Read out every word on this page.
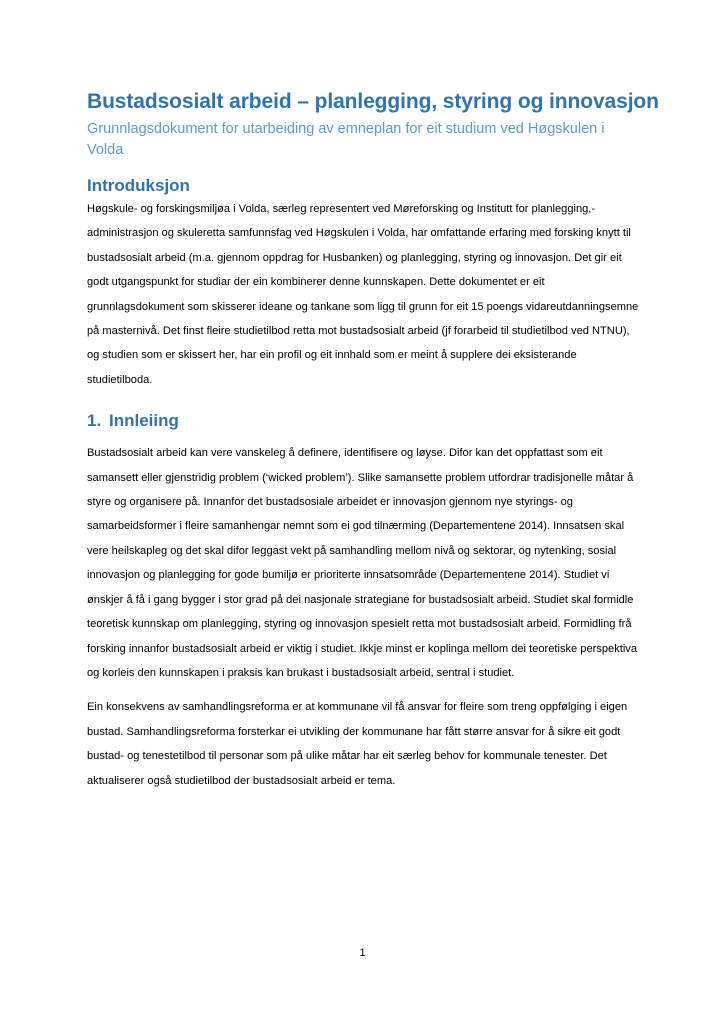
Bustadsosialt arbeid – planlegging, styring og innovasjon
Grunnlagsdokument for utarbeiding av emneplan for eit studium ved Høgskulen i Volda
Introduksjon

Høgskule- og forskingsmiljøa i Volda, særleg representert ved Møreforsking og Institutt for planlegging,- administrasjon og skuleretta samfunnsfag ved Høgskulen i Volda, har omfattande erfaring med forsking knytt til bustadsosialt arbeid (m.a. gjennom oppdrag for Husbanken) og planlegging, styring og innovasjon. Det gir eit godt utgangspunkt for studiar der ein kombinerer denne kunnskapen. Dette dokumentet er eit grunnlagsdokument som skisserer ideane og tankane som ligg til grunn for eit 15 poengs vidareutdanningsemne på masternivå. Det finst fleire studietilbod retta mot bustadsosialt arbeid (jf forarbeid til studietilbod ved NTNU), og studien som er skissert her, har ein profil og eit innhald som er meint å supplere dei eksisterande studietilboda.

1. Innleiing

Bustadsosialt arbeid kan vere vanskeleg å definere, identifisere og løyse. Difor kan det oppfattast som eit samansett eller gjenstridig problem (‘wicked problem’). Slike samansette problem utfordrar tradisjonelle måtar å styre og organisere på. Innanfor det bustadsosiale arbeidet er innovasjon gjennom nye styrings- og samarbeidsformer i fleire samanhengar nemnt som ei god tilnærming (Departementene 2014). Innsatsen skal vere heilskapleg og det skal difor leggast vekt på samhandling mellom nivå og sektorar, og nytenking, sosial innovasjon og planlegging for gode bumiljø er prioriterte innsatsområde (Departementene 2014). Studiet vi ønskjer å få i gang bygger i stor grad på dei nasjonale strategiane for bustadsosialt arbeid. Studiet skal formidle teoretisk kunnskap om planlegging, styring og innovasjon spesielt retta mot bustadsosialt arbeid. Formidling frå forsking innanfor bustadsosialt arbeid er viktig i studiet. Ikkje minst er koplinga mellom dei teoretiske perspektiva og korleis den kunnskapen i praksis kan brukast i bustadsosialt arbeid, sentral i studiet.

Ein konsekvens av samhandlingsreforma er at kommunane vil få ansvar for fleire som treng oppfølging i eigen bustad. Samhandlingsreforma forsterkar ei utvikling der kommunane har fått større ansvar for å sikre eit godt bustad- og tenestetilbod til personar som på ulike måtar har eit særleg behov for kommunale tenester. Det aktualiserer også studietilbod der bustadsosialt arbeid er tema.

1
